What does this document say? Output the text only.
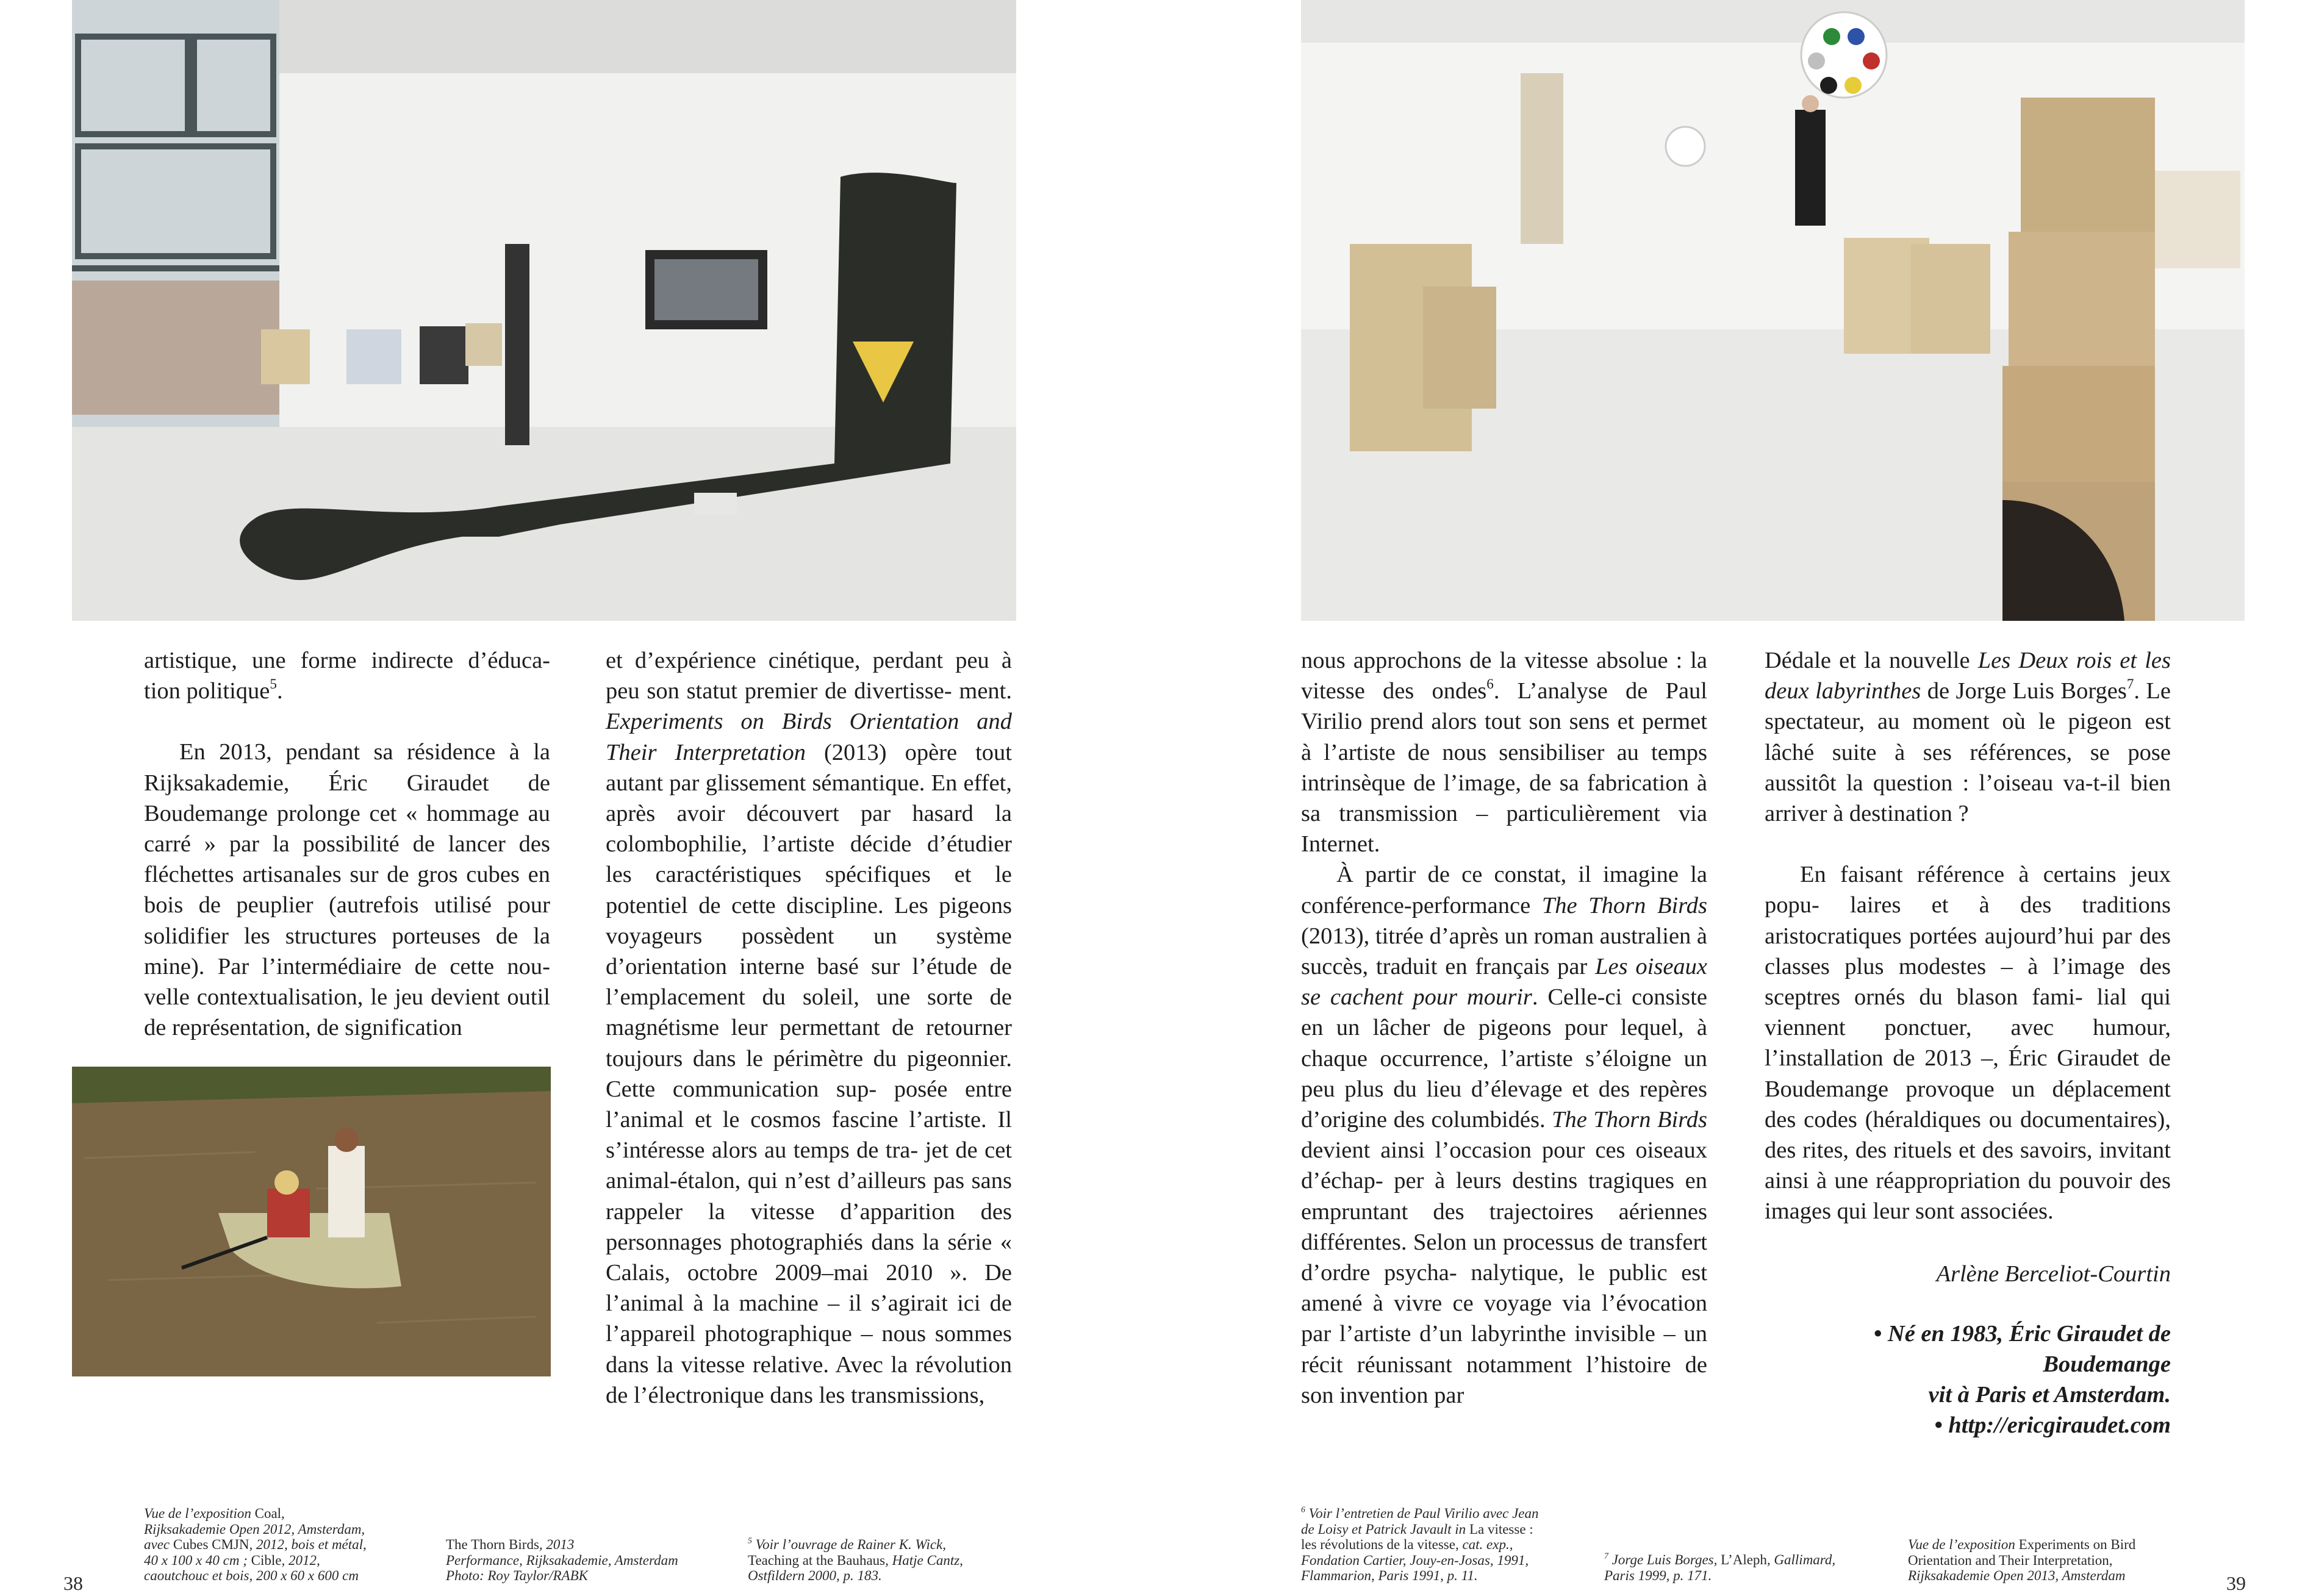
artistique, une forme indirecte d’éduca- tion politique$^5$.

En 2013, pendant sa résidence à la Rijksakademie, Éric Giraudet de Boudemange prolonge cet « hommage au carré » par la possibilité de lancer des fléchettes artisanales sur de gros cubes en bois de peuplier (autrefois utilisé pour solidifier les structures porteuses de la mine). Par l’intermédiaire de cette nou- velle contextualisation, le jeu devient outil de représentation, de signification

et d’expérience cinétique, perdant peu à peu son statut premier de divertisse- ment. Experiments on Birds Orientation and Their Interpretation (2013) opère tout autant par glissement sémantique. En effet, après avoir découvert par hasard la colombophilie, l’artiste décide d’étudier les caractéristiques spécifiques et le potentiel de cette discipline. Les pigeons voyageurs possèdent un système d’orientation interne basé sur l’étude de l’emplacement du soleil, une sorte de magnétisme leur permettant de retourner toujours dans le périmètre du pigeonnier. Cette communication sup- posée entre l’animal et le cosmos fascine l’artiste. Il s’intéresse alors au temps de tra- jet de cet animal-étalon, qui n’est d’ailleurs pas sans rappeler la vitesse d’apparition des personnages photographiés dans la série « Calais, octobre 2009–mai 2010 ». De l’animal à la machine – il s’agirait ici de l’appareil photographique – nous sommes dans la vitesse relative. Avec la révolution de l’électronique dans les transmissions,

nous approchons de la vitesse absolue : la vitesse des ondes$^6$. L’analyse de Paul Virilio prend alors tout son sens et permet à l’artiste de nous sensibiliser au temps intrinsèque de l’image, de sa fabrication à sa transmission – particulièrement via Internet.

À partir de ce constat, il imagine la conférence-performance The Thorn Birds (2013), titrée d’après un roman australien à succès, traduit en français par Les oiseaux se cachent pour mourir. Celle-ci consiste en un lâcher de pigeons pour lequel, à chaque occurrence, l’artiste s’éloigne un peu plus du lieu d’élevage et des repères d’origine des columbidés. The Thorn Birds devient ainsi l’occasion pour ces oiseaux d’échap- per à leurs destins tragiques en empruntant des trajectoires aériennes différentes. Selon un processus de transfert d’ordre psycha- nalytique, le public est amené à vivre ce voyage via l’évocation par l’artiste d’un labyrinthe invisible – un récit réunissant notamment l’histoire de son invention par

Dédale et la nouvelle Les Deux rois et les deux labyrinthes de Jorge Luis Borges$^7$. Le spectateur, au moment où le pigeon est lâché suite à ses références, se pose aussitôt la question : l’oiseau va-t-il bien arriver à destination ?

En faisant référence à certains jeux popu- laires et à des traditions aristocratiques portées aujourd’hui par des classes plus modestes – à l’image des sceptres ornés du blason fami- lial qui viennent ponctuer, avec humour, l’installation de 2013 –, Éric Giraudet de Boudemange provoque un déplacement des codes (héraldiques ou documentaires), des rites, des rituels et des savoirs, invitant ainsi à une réappropriation du pouvoir des images qui leur sont associées.

Arlène Berceliot-Courtin

• Né en 1983, Éric Giraudet de Boudemange

vit à Paris et Amsterdam.

• http://ericgiraudet.com

Vue de l’exposition Coal,
Rijksakademie Open 2012, Amsterdam,
avec Cubes CMJN, 2012, bois et métal,
40 x 100 x 40 cm ; Cible, 2012,
caoutchouc et bois, 200 x 60 x 600 cm
The Thorn Birds, 2013
Performance, Rijksakademie, Amsterdam
Photo: Roy Taylor/RABK
$^5$ Voir l’ouvrage de Rainer K. Wick,
Teaching at the Bauhaus, Hatje Cantz,
Ostfildern 2000, p. 183.
$^6$ Voir l’entretien de Paul Virilio avec Jean
de Loisy et Patrick Javault in La vitesse :
les révolutions de la vitesse, cat. exp.,
Fondation Cartier, Jouy-en-Josas, 1991,
Flammarion, Paris 1991, p. 11.
$^7$ Jorge Luis Borges, L’Aleph, Gallimard,
Paris 1999, p. 171.
Vue de l’exposition Experiments on Bird
Orientation and Their Interpretation,
Rijksakademie Open 2013, Amsterdam
38	39
